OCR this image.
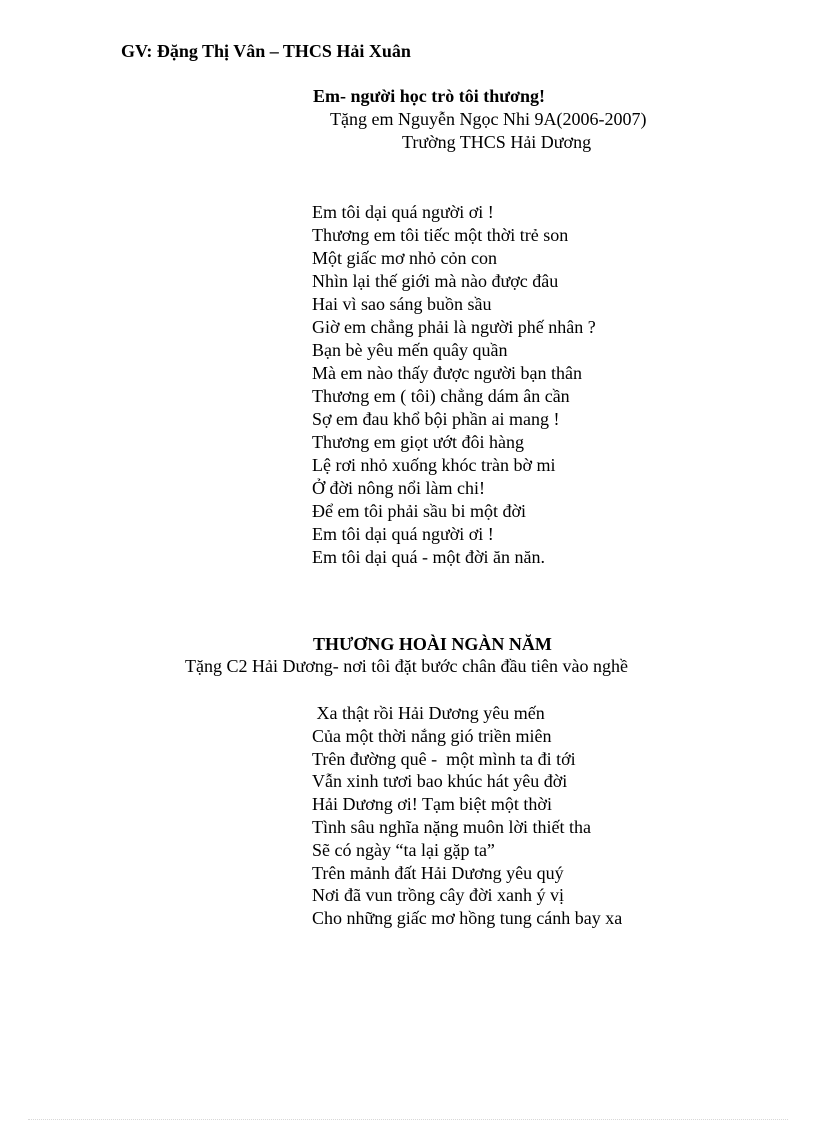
GV: Đặng Thị Vân – THCS Hải Xuân
Em- người học trò tôi thương!
Tặng em Nguyễn Ngọc Nhi 9A(2006-2007)
Trường THCS Hải Dương
Em tôi dại quá người ơi !
Thương em tôi tiếc một thời trẻ son
Một giấc mơ nhỏ cỏn con
Nhìn lại thế giới mà nào được đâu
Hai vì sao sáng buồn sầu
Giờ em chẳng phải là người phế nhân ?
Bạn bè yêu mến quây quần
Mà em nào thấy được người bạn thân
Thương em ( tôi) chẳng dám ân cần
Sợ em đau khổ bội phần ai mang !
Thương em giọt ướt đôi hàng
Lệ rơi nhỏ xuống khóc tràn bờ mi
Ở đời nông nổi làm chi!
Để em tôi phải sầu bi một đời
Em tôi dại quá người ơi !
Em tôi dại quá - một đời ăn năn.
THƯƠNG HOÀI NGÀN NĂM
Tặng C2 Hải Dương- nơi tôi đặt bước chân đầu tiên vào nghề
Xa thật rồi Hải Dương yêu mến
Của một thời nắng gió triền miên
Trên đường quê -  một mình ta đi tới
Vẫn xinh tươi bao khúc hát yêu đời
Hải Dương ơi! Tạm biệt một thời
Tình sâu nghĩa nặng muôn lời thiết tha
Sẽ có ngày “ta lại gặp ta”
Trên mảnh đất Hải Dương yêu quý
Nơi đã vun trồng cây đời xanh ý vị
Cho những giấc mơ hồng tung cánh bay xa
